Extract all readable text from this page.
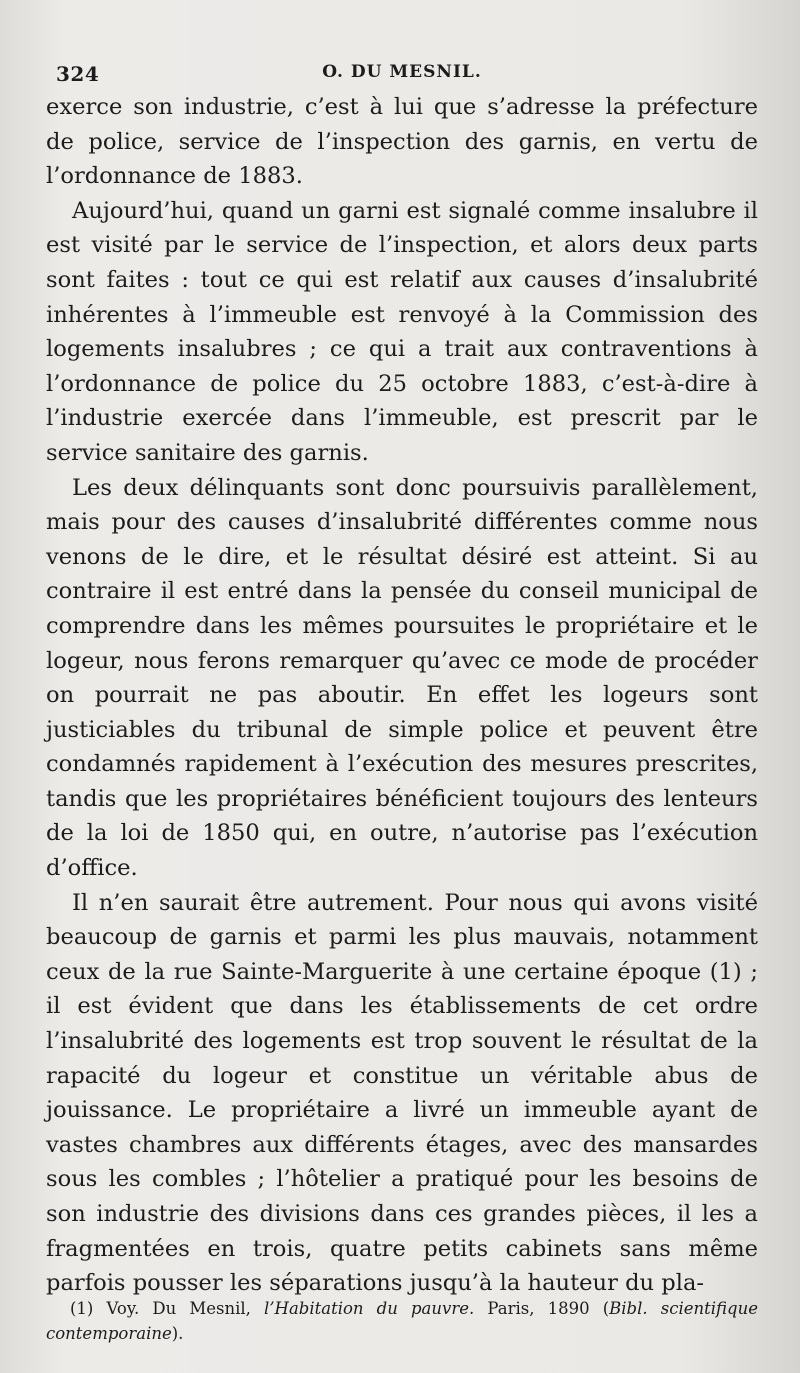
324	O. DU MESNIL.

exerce son industrie, c’est à lui que s’adresse la préfecture de police, service de l’inspection des garnis, en vertu de l’ordonnance de 1883.

Aujourd’hui, quand un garni est signalé comme insalubre il est visité par le service de l’inspection, et alors deux parts sont faites : tout ce qui est relatif aux causes d’insalubrité inhérentes à l’immeuble est renvoyé à la Commission des logements insalubres ; ce qui a trait aux contraventions à l’ordonnance de police du 25 octobre 1883, c’est-à-dire à l’industrie exercée dans l’immeuble, est prescrit par le service sanitaire des garnis.

Les deux délinquants sont donc poursuivis parallèlement, mais pour des causes d’insalubrité différentes comme nous venons de le dire, et le résultat désiré est atteint. Si au contraire il est entré dans la pensée du conseil municipal de comprendre dans les mêmes poursuites le propriétaire et le logeur, nous ferons remarquer qu’avec ce mode de procéder on pourrait ne pas aboutir. En effet les logeurs sont justiciables du tribunal de simple police et peuvent être condamnés rapidement à l’exécution des mesures prescrites, tandis que les propriétaires bénéficient toujours des lenteurs de la loi de 1850 qui, en outre, n’autorise pas l’exécution d’office.

Il n’en saurait être autrement. Pour nous qui avons visité beaucoup de garnis et parmi les plus mauvais, notamment ceux de la rue Sainte-Marguerite à une certaine époque (1) ; il est évident que dans les établissements de cet ordre l’insalubrité des logements est trop souvent le résultat de la rapacité du logeur et constitue un véritable abus de jouissance. Le propriétaire a livré un immeuble ayant de vastes chambres aux différents étages, avec des mansardes sous les combles ; l’hôtelier a pratiqué pour les besoins de son industrie des divisions dans ces grandes pièces, il les a fragmentées en trois, quatre petits cabinets sans même parfois pousser les séparations jusqu’à la hauteur du pla-

(1) Voy. Du Mesnil, l’Habitation du pauvre. Paris, 1890 (Bibl. scientifique contemporaine).
